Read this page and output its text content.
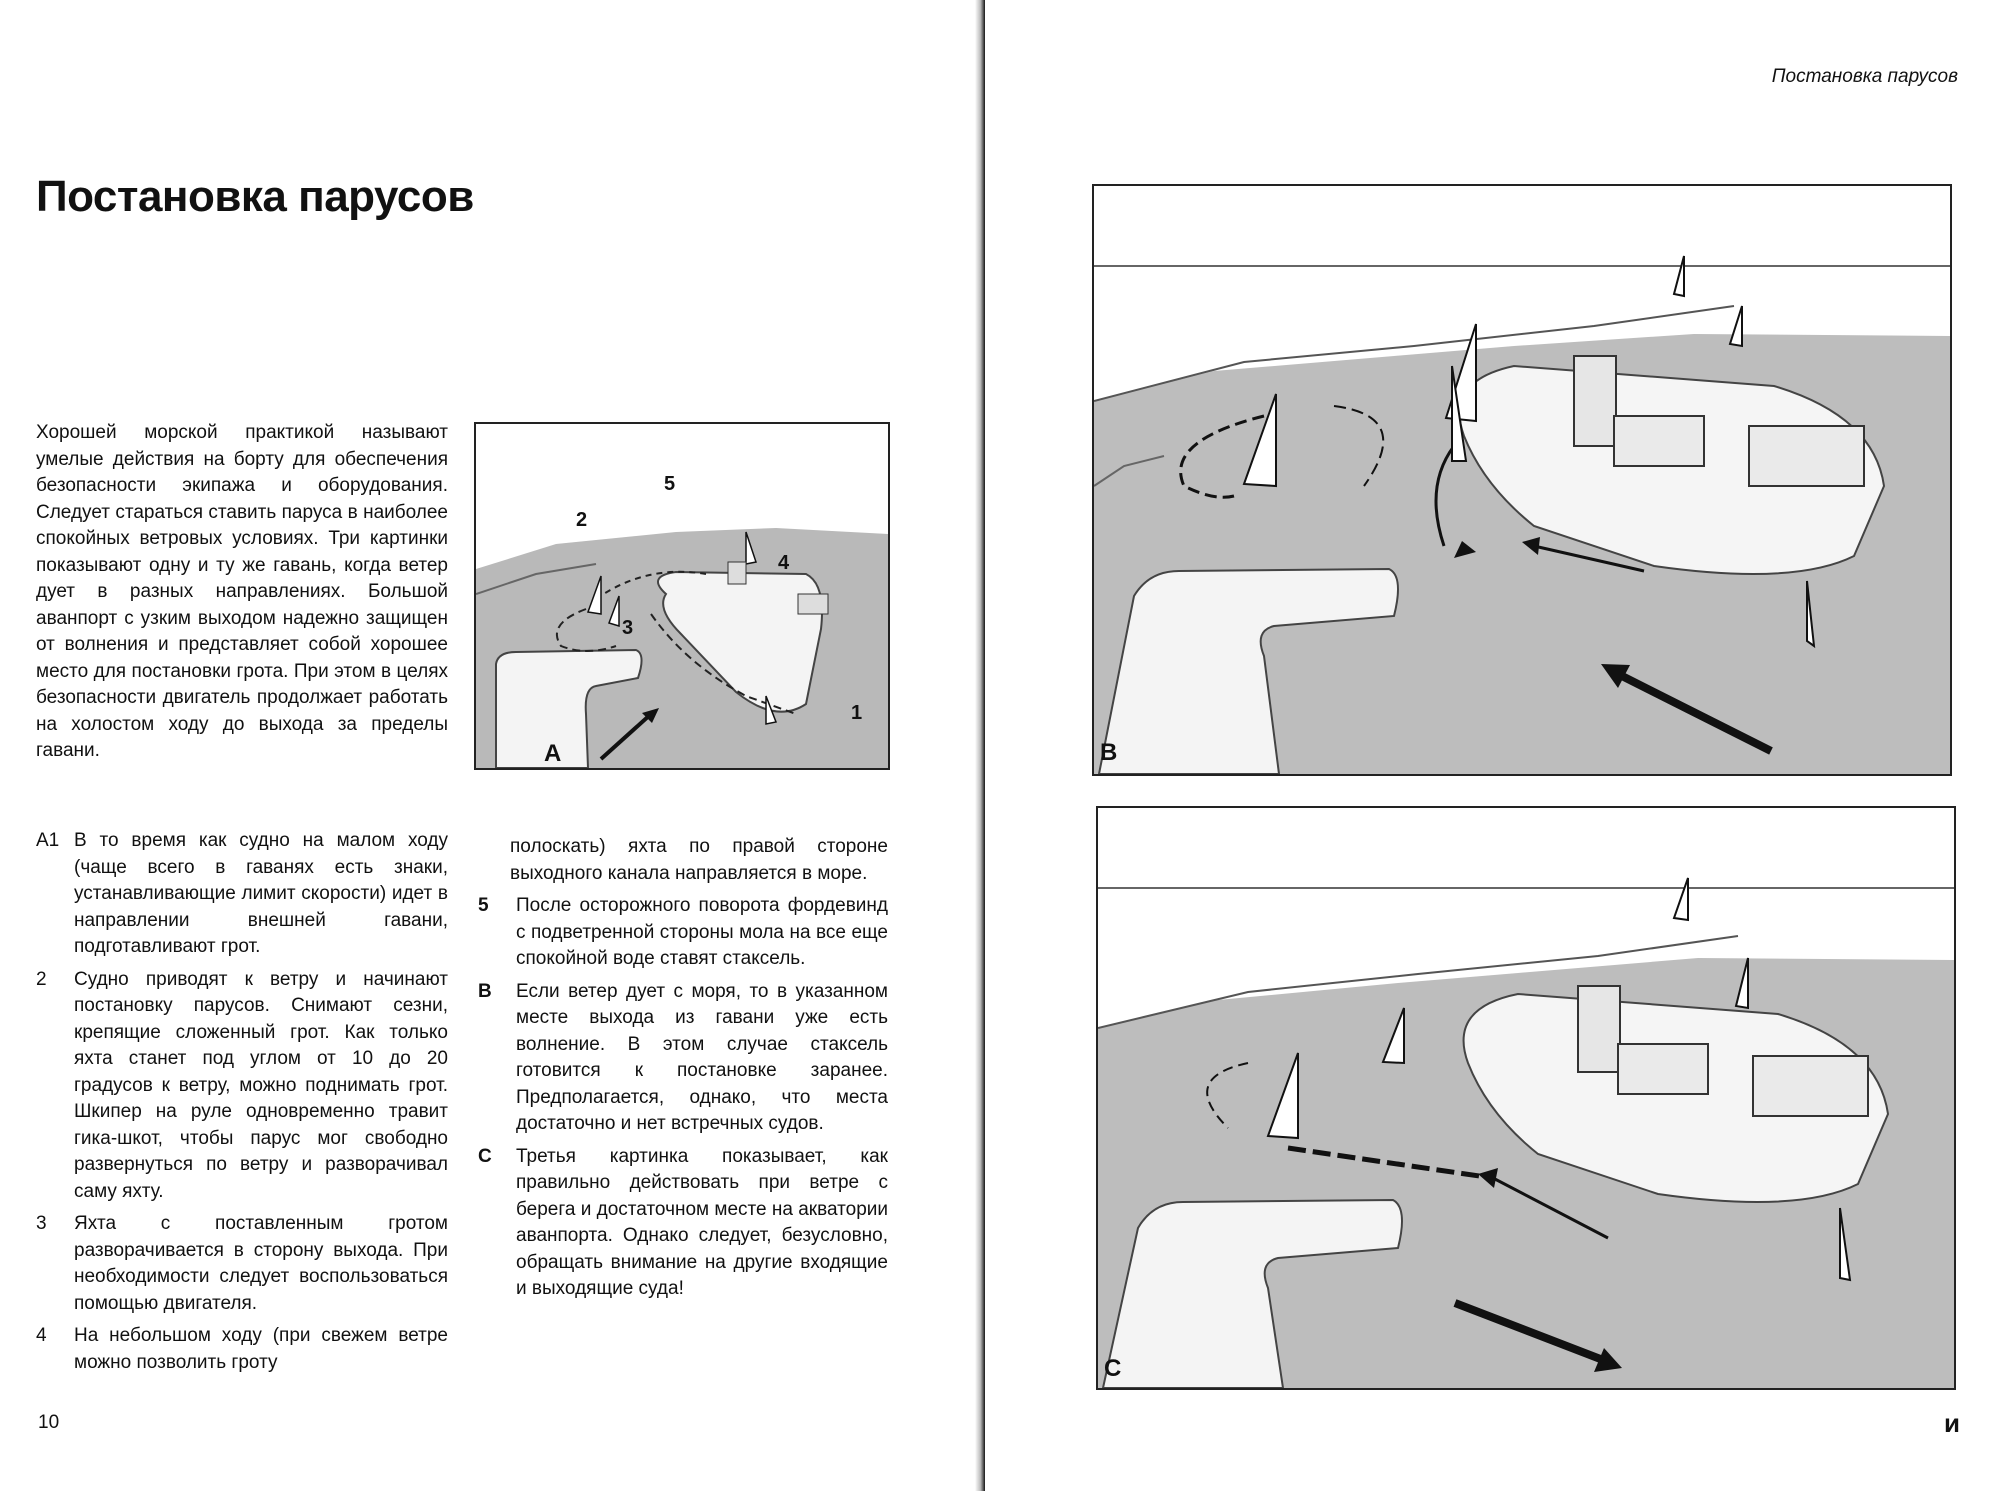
Постановка парусов

Хорошей морской практикой называют умелые действия на борту для обеспечения безопасности экипажа и оборудования. Следует стараться ставить паруса в наиболее спокойных ветровых условиях. Три картинки показывают одну и ту же гавань, когда ветер дует в разных направлениях. Большой аванпорт с узким выходом надежно защищен от волнения и представляет собой хорошее место для постановки грота. При этом в целях безопасности двигатель продолжает работать на холостом ходу до выхода за пределы гавани.

A1 В то время как судно на малом ходу (чаще всего в гаванях есть знаки, устанавливающие лимит скорости) идет в направлении внешней гавани, подготавливают грот.
2 Судно приводят к ветру и начинают постановку парусов. Снимают сезни, крепящие сложенный грот. Как только яхта станет под углом от 10 до 20 градусов к ветру, можно поднимать грот. Шкипер на руле одновременно травит гика-шкот, чтобы парус мог свободно развернуться по ветру и разворачивал саму яхту.
3 Яхта с поставленным гротом разворачивается в сторону выхода. При необходимости следует воспользоваться помощью двигателя.
4 На небольшом ходу (при свежем ветре можно позволить гроту
полоскать) яхта по правой стороне выходного канала направляется в море.
5 После осторожного поворота фордевинд с подветренной стороны мола на все еще спокойной воде ставят стаксель.
B Если ветер дует с моря, то в указанном месте выхода из гавани уже есть волнение. В этом случае стаксель готовится к постановке заранее. Предполагается, однако, что места достаточно и нет встречных судов.
C Третья картинка показывает, как правильно действовать при ветре с берега и достаточном месте на акватории аванпорта. Однако следует, безусловно, обращать внимание на другие входящие и выходящие суда!
A
1
2
3
4
5
10
Постановка парусов
B
C
и
